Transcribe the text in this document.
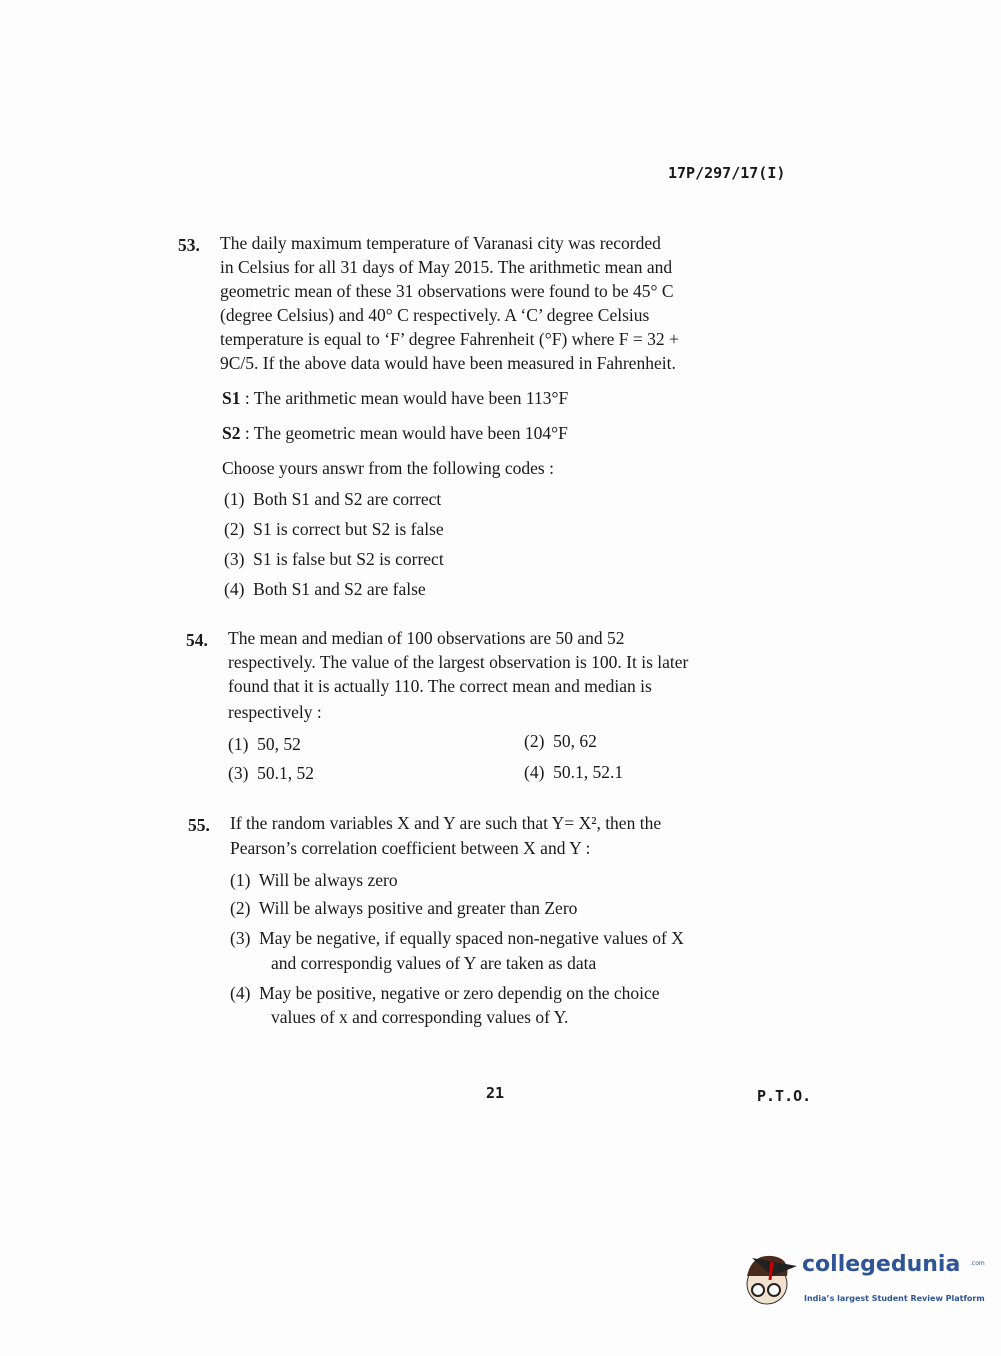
17P/297/17(I)
53. The daily maximum temperature of Varanasi city was recorded
in Celsius for all 31 days of May 2015. The arithmetic mean and
geometric mean of these 31 observations were found to be 45° C
(degree Celsius) and 40° C respectively. A ‘C’ degree Celsius
temperature is equal to ‘F’ degree Fahrenheit (°F) where F = 32 +
9C/5. If the above data would have been measured in Fahrenheit.
S1 : The arithmetic mean would have been 113°F
S2 : The geometric mean would have been 104°F
Choose yours answr from the following codes :
(1) Both S1 and S2 are correct
(2) S1 is correct but S2 is false
(3) S1 is false but S2 is correct
(4) Both S1 and S2 are false
54. The mean and median of 100 observations are 50 and 52
respectively. The value of the largest observation is 100. It is later
found that it is actually 110. The correct mean and median is
respectively :
(1) 50, 52	(2) 50, 62
(3) 50.1, 52	(4) 50.1, 52.1
55. If the random variables X and Y are such that Y= X², then the
Pearson’s correlation coefficient between X and Y :
(1) Will be always zero
(2) Will be always positive and greater than Zero
(3) May be negative, if equally spaced non-negative values of X
and correspondig values of Y are taken as data
(4) May be positive, negative or zero dependig on the choice
values of x and corresponding values of Y.
21	P.T.O.
collegedunia .com
India’s largest Student Review Platform
